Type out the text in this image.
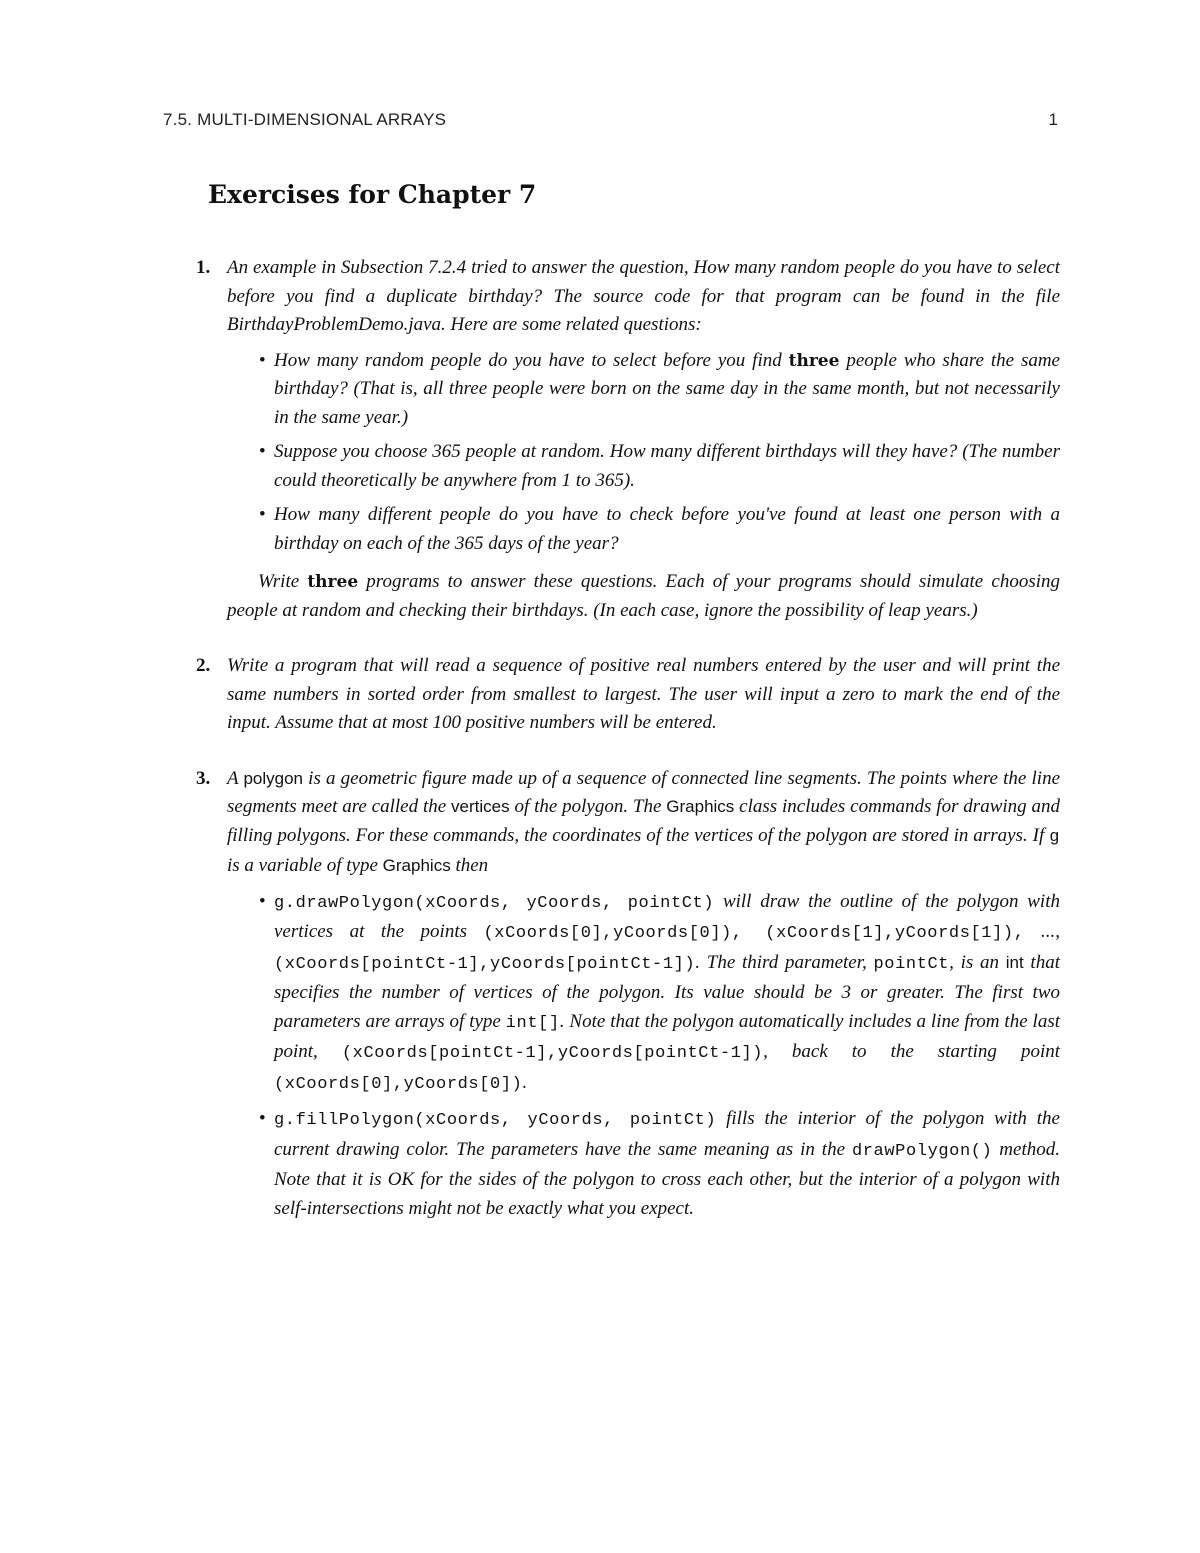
7.5. MULTI-DIMENSIONAL ARRAYS	1
Exercises for Chapter 7
1. An example in Subsection 7.2.4 tried to answer the question, How many random people do you have to select before you find a duplicate birthday? The source code for that program can be found in the file BirthdayProblemDemo.java. Here are some related questions:

• How many random people do you have to select before you find three people who share the same birthday? (That is, all three people were born on the same day in the same month, but not necessarily in the same year.)
• Suppose you choose 365 people at random. How many different birthdays will they have? (The number could theoretically be anywhere from 1 to 365).
• How many different people do you have to check before you've found at least one person with a birthday on each of the 365 days of the year?

Write three programs to answer these questions. Each of your programs should simulate choosing people at random and checking their birthdays. (In each case, ignore the possibility of leap years.)

2. Write a program that will read a sequence of positive real numbers entered by the user and will print the same numbers in sorted order from smallest to largest. The user will input a zero to mark the end of the input. Assume that at most 100 positive numbers will be entered.

3. A polygon is a geometric figure made up of a sequence of connected line segments. The points where the line segments meet are called the vertices of the polygon. The Graphics class includes commands for drawing and filling polygons. For these commands, the coordinates of the vertices of the polygon are stored in arrays. If g is a variable of type Graphics then

• g.drawPolygon(xCoords, yCoords, pointCt) will draw the outline of the polygon with vertices at the points (xCoords[0],yCoords[0]), (xCoords[1],yCoords[1]), ..., (xCoords[pointCt-1],yCoords[pointCt-1]). The third parameter, pointCt, is an int that specifies the number of vertices of the polygon. Its value should be 3 or greater. The first two parameters are arrays of type int[]. Note that the polygon automatically includes a line from the last point, (xCoords[pointCt-1],yCoords[pointCt-1]), back to the starting point (xCoords[0],yCoords[0]).
• g.fillPolygon(xCoords, yCoords, pointCt) fills the interior of the polygon with the current drawing color. The parameters have the same meaning as in the drawPolygon() method. Note that it is OK for the sides of the polygon to cross each other, but the interior of a polygon with self-intersections might not be exactly what you expect.
